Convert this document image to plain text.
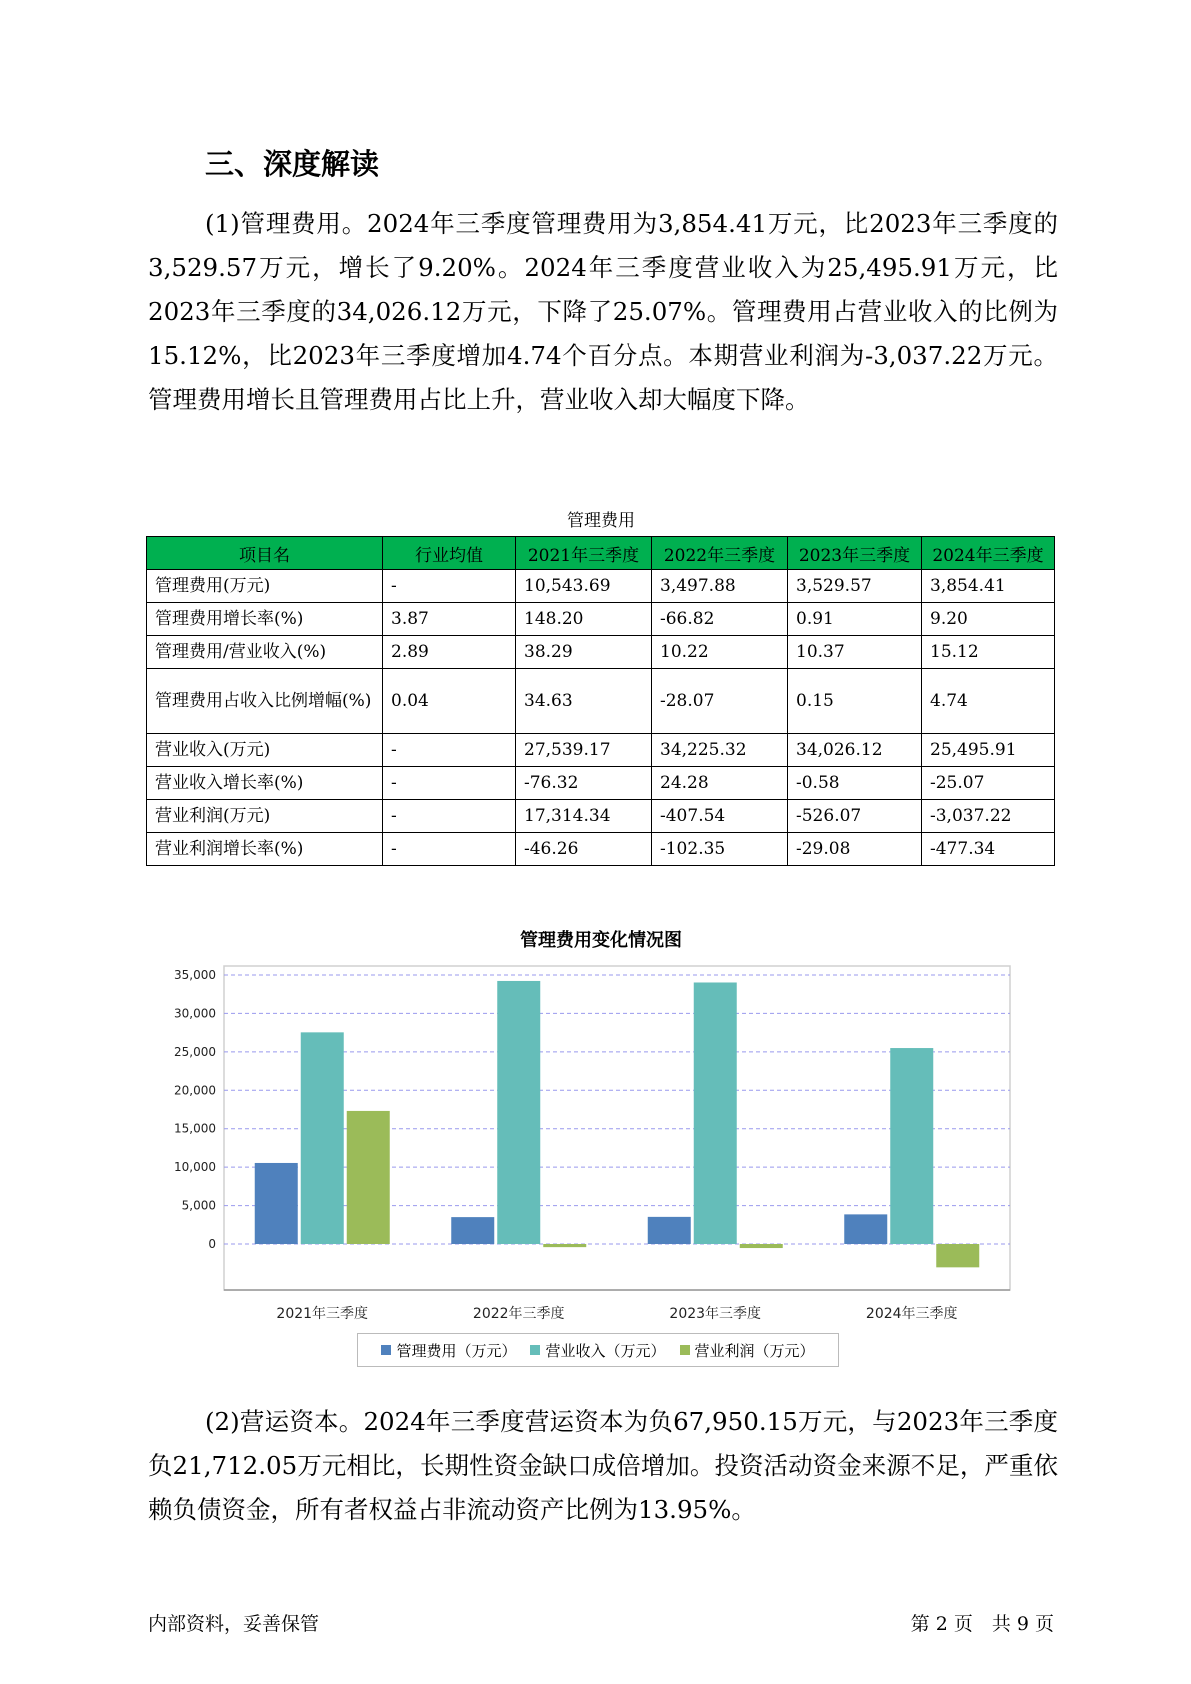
三、深度解读

(1)管理费用。2024年三季度管理费用为3,854.41万元，比2023年三季度的3,529.57万元，增长了9.20%。2024年三季度营业收入为25,495.91万元，比2023年三季度的34,026.12万元，下降了25.07%。管理费用占营业收入的比例为15.12%，比2023年三季度增加4.74个百分点。本期营业利润为-3,037.22万元。管理费用增长且管理费用占比上升，营业收入却大幅度下降。

管理费用
项目名	行业均值	2021年三季度	2022年三季度	2023年三季度	2024年三季度
管理费用(万元)	-	10,543.69	3,497.88	3,529.57	3,854.41
管理费用增长率(%)	3.87	148.20	-66.82	0.91	9.20
管理费用/营业收入(%)	2.89	38.29	10.22	10.37	15.12
管理费用占收入比例增幅(%)	0.04	34.63	-28.07	0.15	4.74
营业收入(万元)	-	27,539.17	34,225.32	34,026.12	25,495.91
营业收入增长率(%)	-	-76.32	24.28	-0.58	-25.07
营业利润(万元)	-	17,314.34	-407.54	-526.07	-3,037.22
营业利润增长率(%)	-	-46.26	-102.35	-29.08	-477.34
管理费用变化情况图
0
5,000
10,000
15,000
20,000
25,000
30,000
35,000
2021年三季度	2022年三季度	2023年三季度	2024年三季度
管理费用（万元） 营业收入（万元） 营业利润（万元）

(2)营运资本。2024年三季度营运资本为负67,950.15万元，与2023年三季度负21,712.05万元相比，长期性资金缺口成倍增加。投资活动资金来源不足，严重依赖负债资金，所有者权益占非流动资产比例为13.95%。

内部资料，妥善保管	第 2 页　共 9 页
